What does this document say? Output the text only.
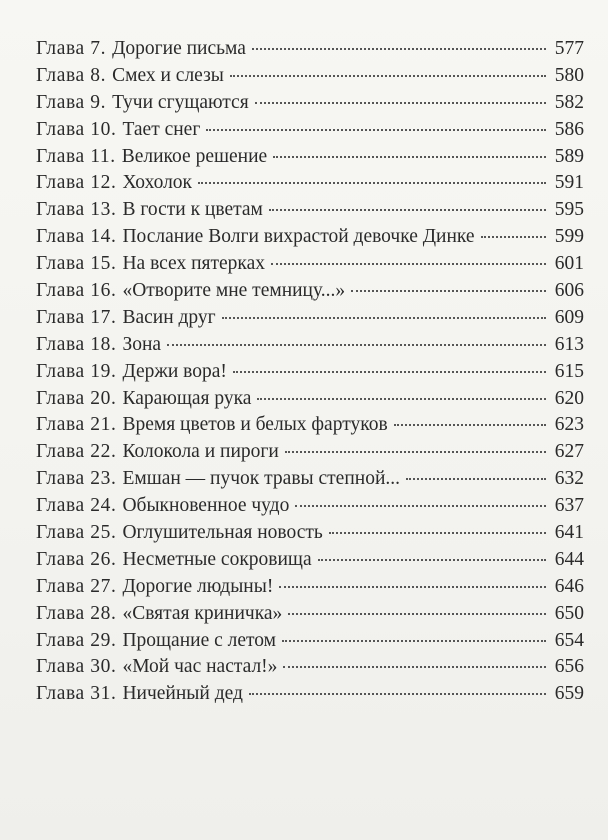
Глава 7. Дорогие письма	577
Глава 8. Смех и слезы	580
Глава 9. Тучи сгущаются	582
Глава 10. Тает снег	586
Глава 11. Великое решение	589
Глава 12. Хохолок	591
Глава 13. В гости к цветам	595
Глава 14. Послание Волги вихрастой девочке Динке	599
Глава 15. На всех пятерках	601
Глава 16. «Отворите мне темницу...»	606
Глава 17. Васин друг	609
Глава 18. Зона	613
Глава 19. Держи вора!	615
Глава 20. Карающая рука	620
Глава 21. Время цветов и белых фартуков	623
Глава 22. Колокола и пироги	627
Глава 23. Емшан — пучок травы степной...	632
Глава 24. Обыкновенное чудо	637
Глава 25. Оглушительная новость	641
Глава 26. Несметные сокровища	644
Глава 27. Дорогие людыны!	646
Глава 28. «Святая криничка»	650
Глава 29. Прощание с летом	654
Глава 30. «Мой час настал!»	656
Глава 31. Ничейный дед	659
